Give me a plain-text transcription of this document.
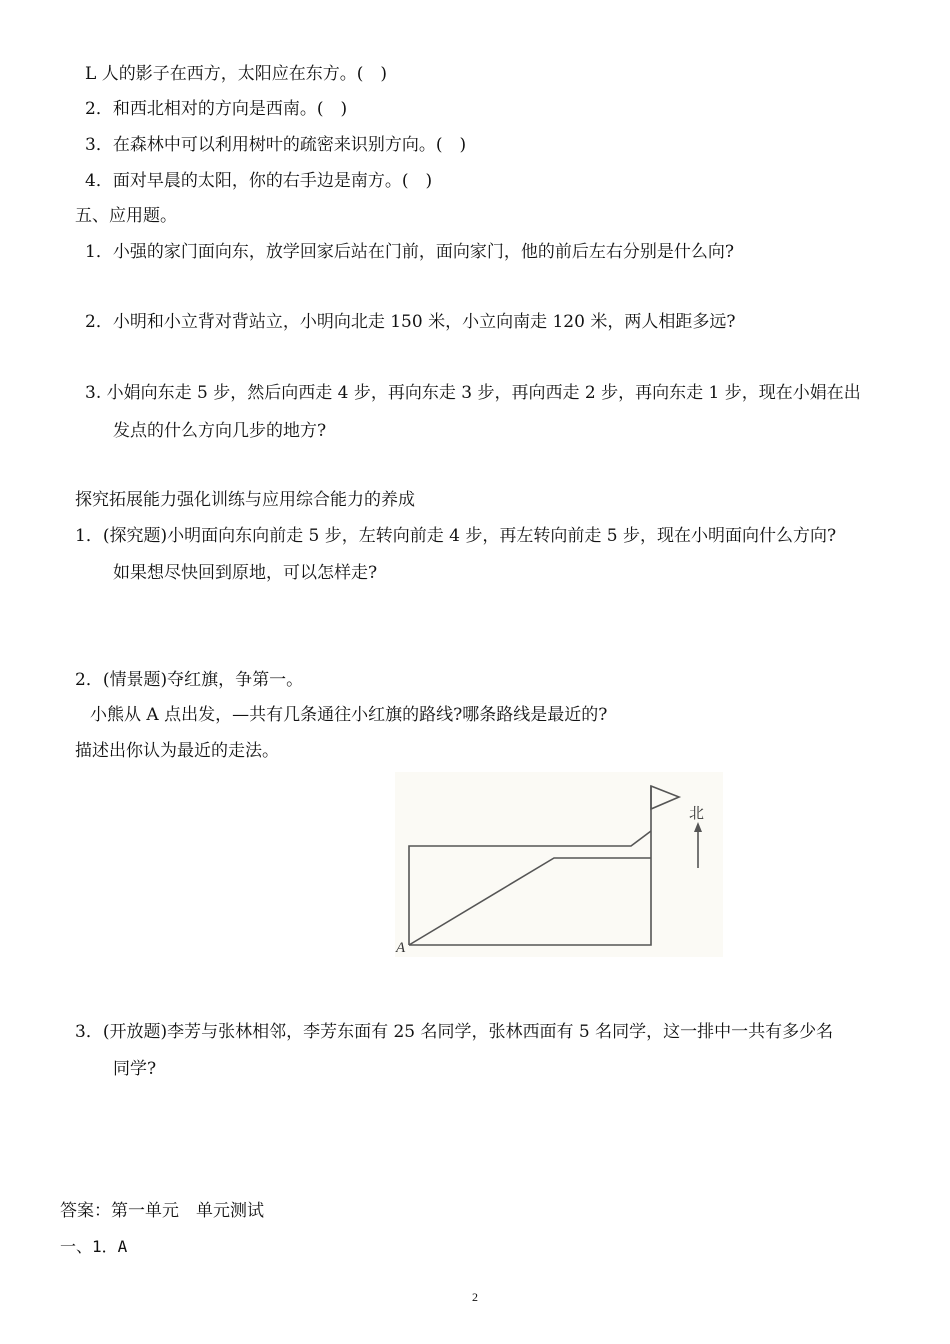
L 人的影子在西方，太阳应在东方。(　)
2．和西北相对的方向是西南。(　)
3．在森林中可以利用树叶的疏密来识别方向。(　)
4．面对早晨的太阳，你的右手边是南方。(　)
五、应用题。
1．小强的家门面向东，放学回家后站在门前，面向家门，他的前后左右分别是什么向?
2．小明和小立背对背站立，小明向北走 150 米，小立向南走 120 米，两人相距多远?
3. 小娟向东走 5 步，然后向西走 4 步，再向东走 3 步，再向西走 2 步，再向东走 1 步，现在小娟在出
发点的什么方向几步的地方?
探究拓展能力强化训练与应用综合能力的养成
1．(探究题)小明面向东向前走 5 步，左转向前走 4 步，再左转向前走 5 步，现在小明面向什么方向?
如果想尽快回到原地，可以怎样走?
2．(情景题)夺红旗，争第一。
小熊从 A 点出发，—共有几条通往小红旗的路线?哪条路线是最近的?
描述出你认为最近的走法。
北
A
3．(开放题)李芳与张林相邻，李芳东面有 25 名同学，张林西面有 5 名同学，这一排中一共有多少名
同学?
答案：第一单元　单元测试
一、1．A
2
